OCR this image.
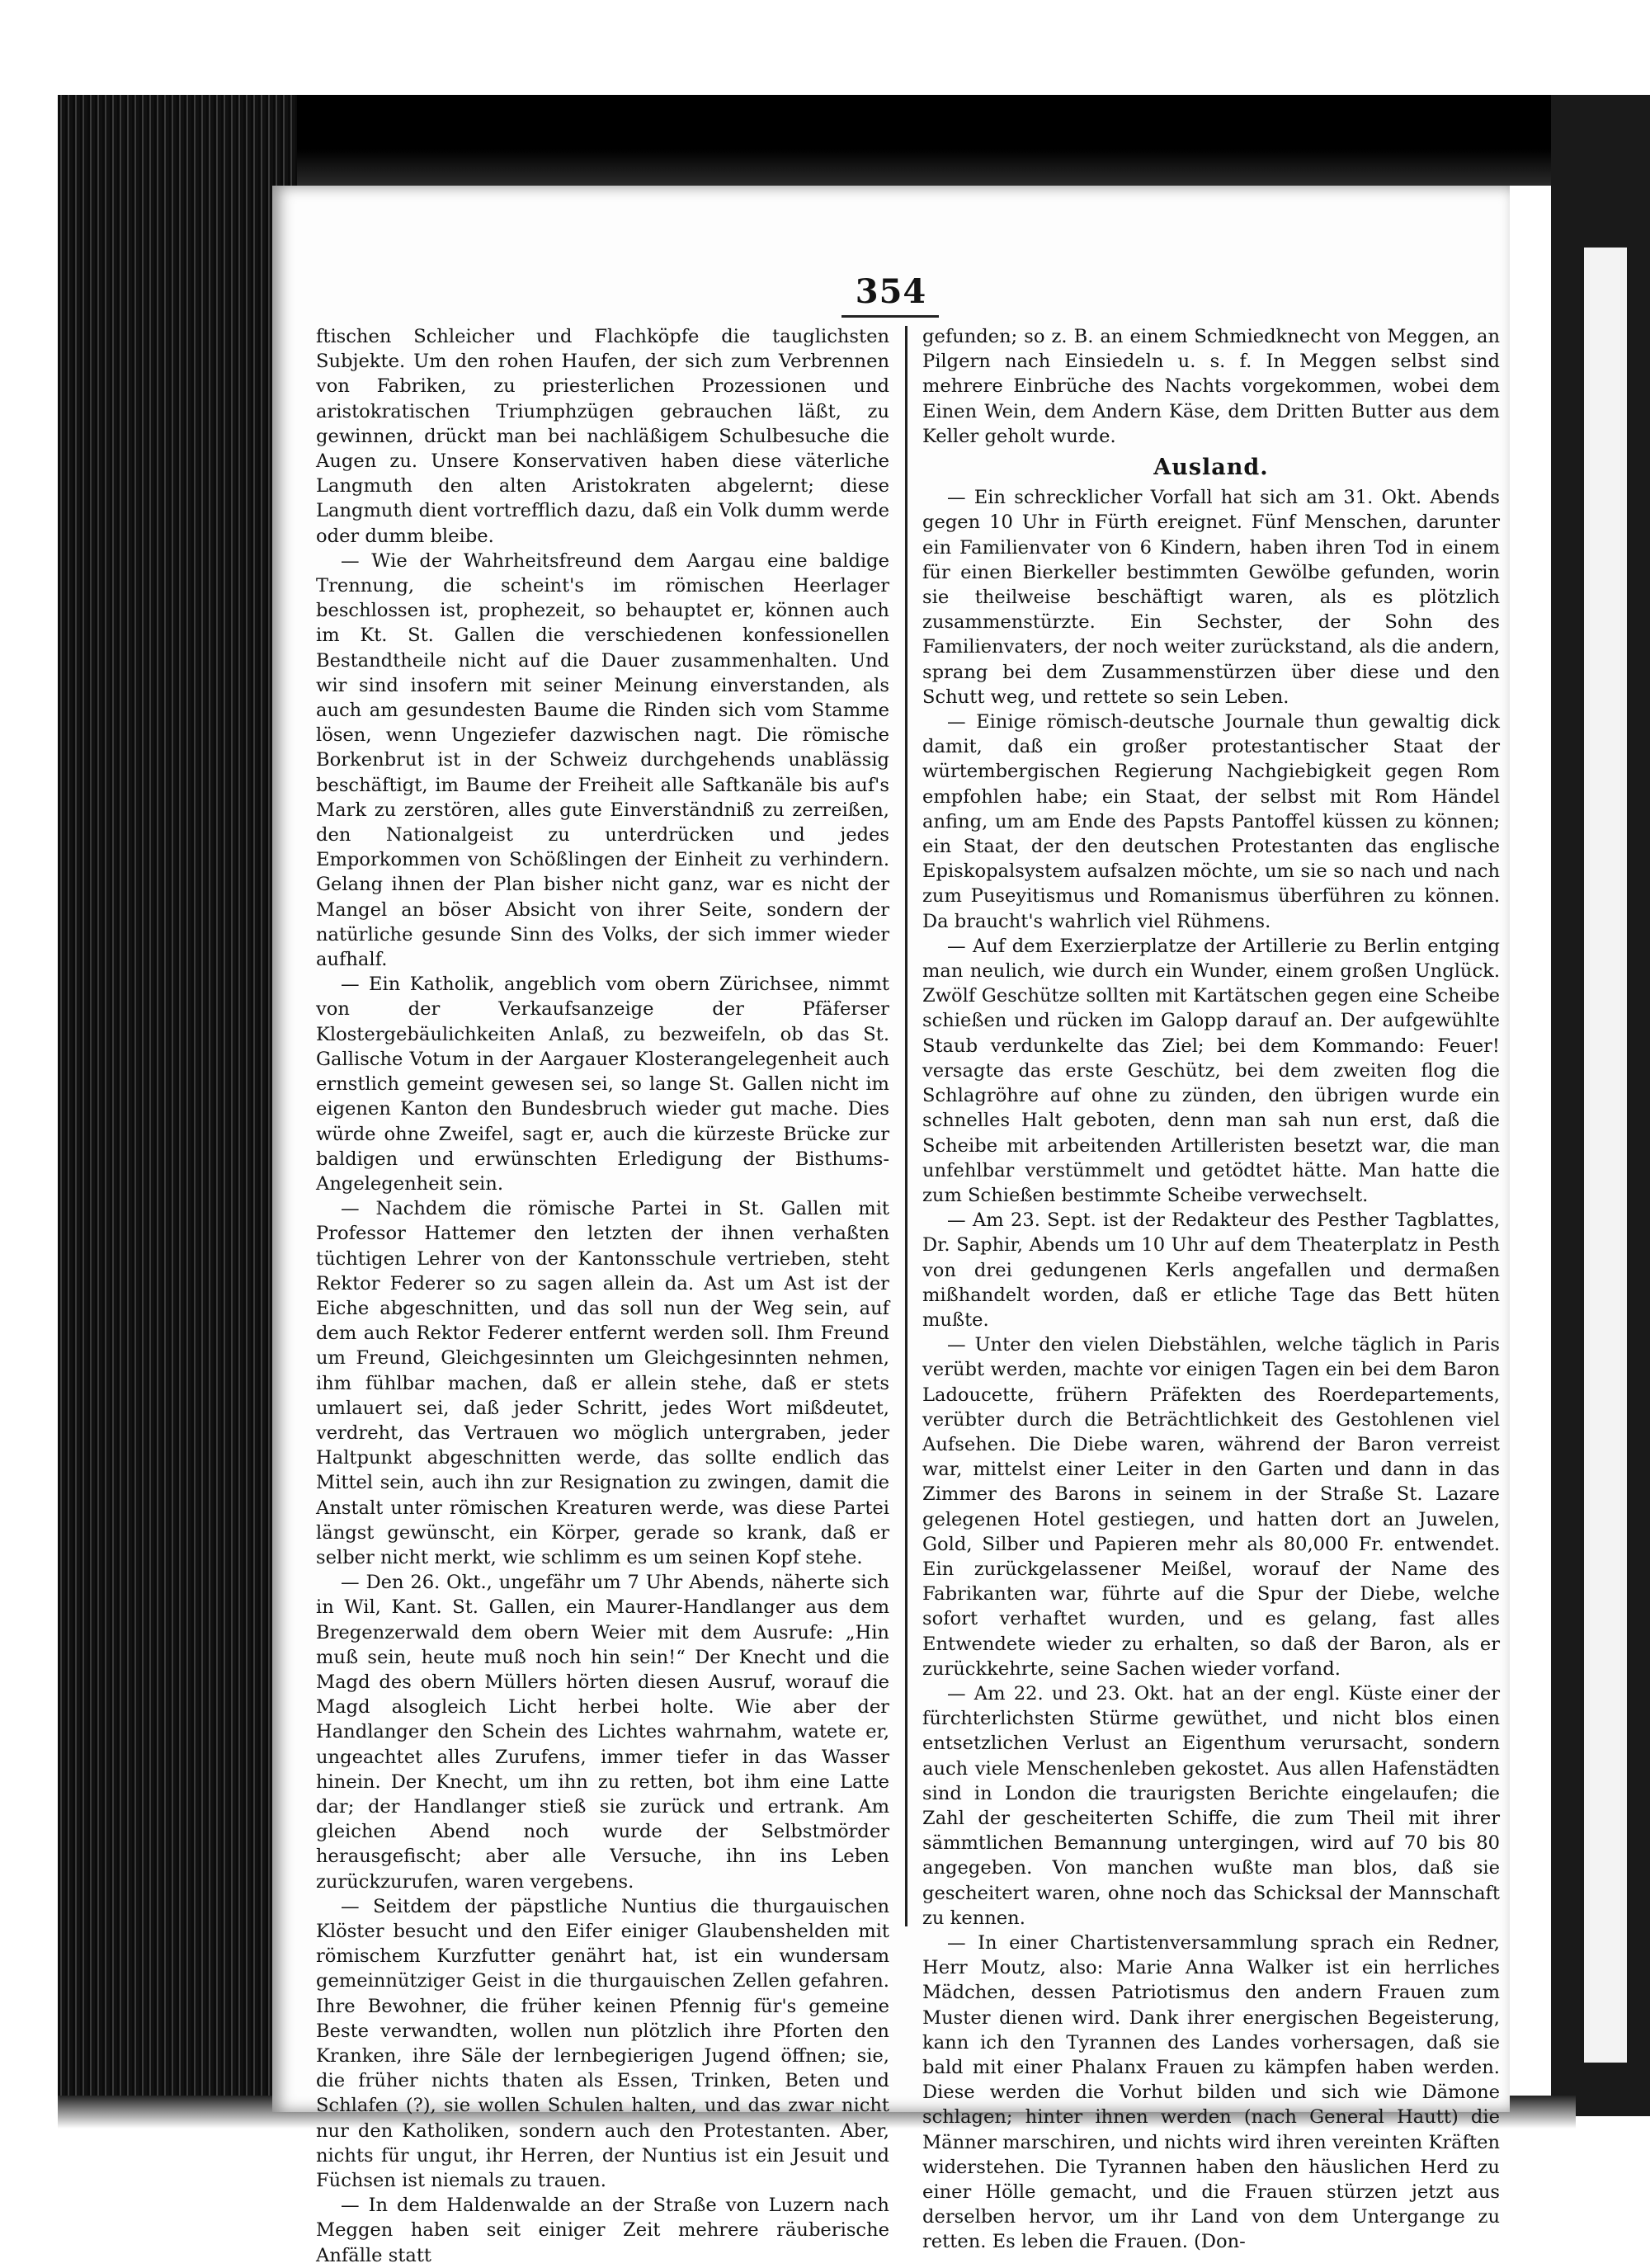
354

ftischen Schleicher und Flachköpfe die tauglichsten Subjekte. Um den rohen Haufen, der sich zum Verbrennen von Fabriken, zu priesterlichen Prozessionen und aristokratischen Triumphzügen gebrauchen läßt, zu gewinnen, drückt man bei nachläßigem Schulbesuche die Augen zu. Unsere Konservativen haben diese väterliche Langmuth den alten Aristokraten abgelernt; diese Langmuth dient vortrefflich dazu, daß ein Volk dumm werde oder dumm bleibe.

— Wie der Wahrheitsfreund dem Aargau eine baldige Trennung, die scheint's im römischen Heerlager beschlossen ist, prophezeit, so behauptet er, können auch im Kt. St. Gallen die verschiedenen konfessionellen Bestandtheile nicht auf die Dauer zusammenhalten. Und wir sind insofern mit seiner Meinung einverstanden, als auch am gesundesten Baume die Rinden sich vom Stamme lösen, wenn Ungeziefer dazwischen nagt. Die römische Borkenbrut ist in der Schweiz durchgehends unablässig beschäftigt, im Baume der Freiheit alle Saftkanäle bis auf's Mark zu zerstören, alles gute Einverständniß zu zerreißen, den Nationalgeist zu unterdrücken und jedes Emporkommen von Schößlingen der Einheit zu verhindern. Gelang ihnen der Plan bisher nicht ganz, war es nicht der Mangel an böser Absicht von ihrer Seite, sondern der natürliche gesunde Sinn des Volks, der sich immer wieder aufhalf.

— Ein Katholik, angeblich vom obern Zürichsee, nimmt von der Verkaufsanzeige der Pfäferser Klostergebäulichkeiten Anlaß, zu bezweifeln, ob das St. Gallische Votum in der Aargauer Klosterangelegenheit auch ernstlich gemeint gewesen sei, so lange St. Gallen nicht im eigenen Kanton den Bundesbruch wieder gut mache. Dies würde ohne Zweifel, sagt er, auch die kürzeste Brücke zur baldigen und erwünschten Erledigung der Bisthums-Angelegenheit sein.

— Nachdem die römische Partei in St. Gallen mit Professor Hattemer den letzten der ihnen verhaßten tüchtigen Lehrer von der Kantonsschule vertrieben, steht Rektor Federer so zu sagen allein da. Ast um Ast ist der Eiche abgeschnitten, und das soll nun der Weg sein, auf dem auch Rektor Federer entfernt werden soll. Ihm Freund um Freund, Gleichgesinnten um Gleichgesinnten nehmen, ihm fühlbar machen, daß er allein stehe, daß er stets umlauert sei, daß jeder Schritt, jedes Wort mißdeutet, verdreht, das Vertrauen wo möglich untergraben, jeder Haltpunkt abgeschnitten werde, das sollte endlich das Mittel sein, auch ihn zur Resignation zu zwingen, damit die Anstalt unter römischen Kreaturen werde, was diese Partei längst gewünscht, ein Körper, gerade so krank, daß er selber nicht merkt, wie schlimm es um seinen Kopf stehe.

— Den 26. Okt., ungefähr um 7 Uhr Abends, näherte sich in Wil, Kant. St. Gallen, ein Maurer-Handlanger aus dem Bregenzerwald dem obern Weier mit dem Ausrufe: „Hin muß sein, heute muß noch hin sein!“ Der Knecht und die Magd des obern Müllers hörten diesen Ausruf, worauf die Magd alsogleich Licht herbei holte. Wie aber der Handlanger den Schein des Lichtes wahrnahm, watete er, ungeachtet alles Zurufens, immer tiefer in das Wasser hinein. Der Knecht, um ihn zu retten, bot ihm eine Latte dar; der Handlanger stieß sie zurück und ertrank. Am gleichen Abend noch wurde der Selbstmörder herausgefischt; aber alle Versuche, ihn ins Leben zurückzurufen, waren vergebens.

— Seitdem der päpstliche Nuntius die thurgauischen Klöster besucht und den Eifer einiger Glaubenshelden mit römischem Kurzfutter genährt hat, ist ein wundersam gemeinnütziger Geist in die thurgauischen Zellen gefahren. Ihre Bewohner, die früher keinen Pfennig für's gemeine Beste verwandten, wollen nun plötzlich ihre Pforten den Kranken, ihre Säle der lernbegierigen Jugend öffnen; sie, die früher nichts thaten als Essen, Trinken, Beten und Schlafen (?), sie wollen Schulen halten, und das zwar nicht nur den Katholiken, sondern auch den Protestanten. Aber, nichts für ungut, ihr Herren, der Nuntius ist ein Jesuit und Füchsen ist niemals zu trauen.

— In dem Haldenwalde an der Straße von Luzern nach Meggen haben seit einiger Zeit mehrere räuberische Anfälle statt

gefunden; so z. B. an einem Schmiedknecht von Meggen, an Pilgern nach Einsiedeln u. s. f. In Meggen selbst sind mehrere Einbrüche des Nachts vorgekommen, wobei dem Einen Wein, dem Andern Käse, dem Dritten Butter aus dem Keller geholt wurde.

Ausland.

— Ein schrecklicher Vorfall hat sich am 31. Okt. Abends gegen 10 Uhr in Fürth ereignet. Fünf Menschen, darunter ein Familienvater von 6 Kindern, haben ihren Tod in einem für einen Bierkeller bestimmten Gewölbe gefunden, worin sie theilweise beschäftigt waren, als es plötzlich zusammenstürzte. Ein Sechster, der Sohn des Familienvaters, der noch weiter zurückstand, als die andern, sprang bei dem Zusammenstürzen über diese und den Schutt weg, und rettete so sein Leben.

— Einige römisch-deutsche Journale thun gewaltig dick damit, daß ein großer protestantischer Staat der würtembergischen Regierung Nachgiebigkeit gegen Rom empfohlen habe; ein Staat, der selbst mit Rom Händel anfing, um am Ende des Papsts Pantoffel küssen zu können; ein Staat, der den deutschen Protestanten das englische Episkopalsystem aufsalzen möchte, um sie so nach und nach zum Puseyitismus und Romanismus überführen zu können. Da braucht's wahrlich viel Rühmens.

— Auf dem Exerzierplatze der Artillerie zu Berlin entging man neulich, wie durch ein Wunder, einem großen Unglück. Zwölf Geschütze sollten mit Kartätschen gegen eine Scheibe schießen und rücken im Galopp darauf an. Der aufgewühlte Staub verdunkelte das Ziel; bei dem Kommando: Feuer! versagte das erste Geschütz, bei dem zweiten flog die Schlagröhre auf ohne zu zünden, den übrigen wurde ein schnelles Halt geboten, denn man sah nun erst, daß die Scheibe mit arbeitenden Artilleristen besetzt war, die man unfehlbar verstümmelt und getödtet hätte. Man hatte die zum Schießen bestimmte Scheibe verwechselt.

— Am 23. Sept. ist der Redakteur des Pesther Tagblattes, Dr. Saphir, Abends um 10 Uhr auf dem Theaterplatz in Pesth von drei gedungenen Kerls angefallen und dermaßen mißhandelt worden, daß er etliche Tage das Bett hüten mußte.

— Unter den vielen Diebstählen, welche täglich in Paris verübt werden, machte vor einigen Tagen ein bei dem Baron Ladoucette, frühern Präfekten des Roerdepartements, verübter durch die Beträchtlichkeit des Gestohlenen viel Aufsehen. Die Diebe waren, während der Baron verreist war, mittelst einer Leiter in den Garten und dann in das Zimmer des Barons in seinem in der Straße St. Lazare gelegenen Hotel gestiegen, und hatten dort an Juwelen, Gold, Silber und Papieren mehr als 80,000 Fr. entwendet. Ein zurückgelassener Meißel, worauf der Name des Fabrikanten war, führte auf die Spur der Diebe, welche sofort verhaftet wurden, und es gelang, fast alles Entwendete wieder zu erhalten, so daß der Baron, als er zurückkehrte, seine Sachen wieder vorfand.

— Am 22. und 23. Okt. hat an der engl. Küste einer der fürchterlichsten Stürme gewüthet, und nicht blos einen entsetzlichen Verlust an Eigenthum verursacht, sondern auch viele Menschenleben gekostet. Aus allen Hafenstädten sind in London die traurigsten Berichte eingelaufen; die Zahl der gescheiterten Schiffe, die zum Theil mit ihrer sämmtlichen Bemannung untergingen, wird auf 70 bis 80 angegeben. Von manchen wußte man blos, daß sie gescheitert waren, ohne noch das Schicksal der Mannschaft zu kennen.

— In einer Chartistenversammlung sprach ein Redner, Herr Moutz, also: Marie Anna Walker ist ein herrliches Mädchen, dessen Patriotismus den andern Frauen zum Muster dienen wird. Dank ihrer energischen Begeisterung, kann ich den Tyrannen des Landes vorhersagen, daß sie bald mit einer Phalanx Frauen zu kämpfen haben werden. Diese werden die Vorhut bilden und sich wie Dämone schlagen; hinter ihnen werden (nach General Hautt) die Männer marschiren, und nichts wird ihren vereinten Kräften widerstehen. Die Tyrannen haben den häuslichen Herd zu einer Hölle gemacht, und die Frauen stürzen jetzt aus derselben hervor, um ihr Land von dem Untergange zu retten. Es leben die Frauen. (Don-
